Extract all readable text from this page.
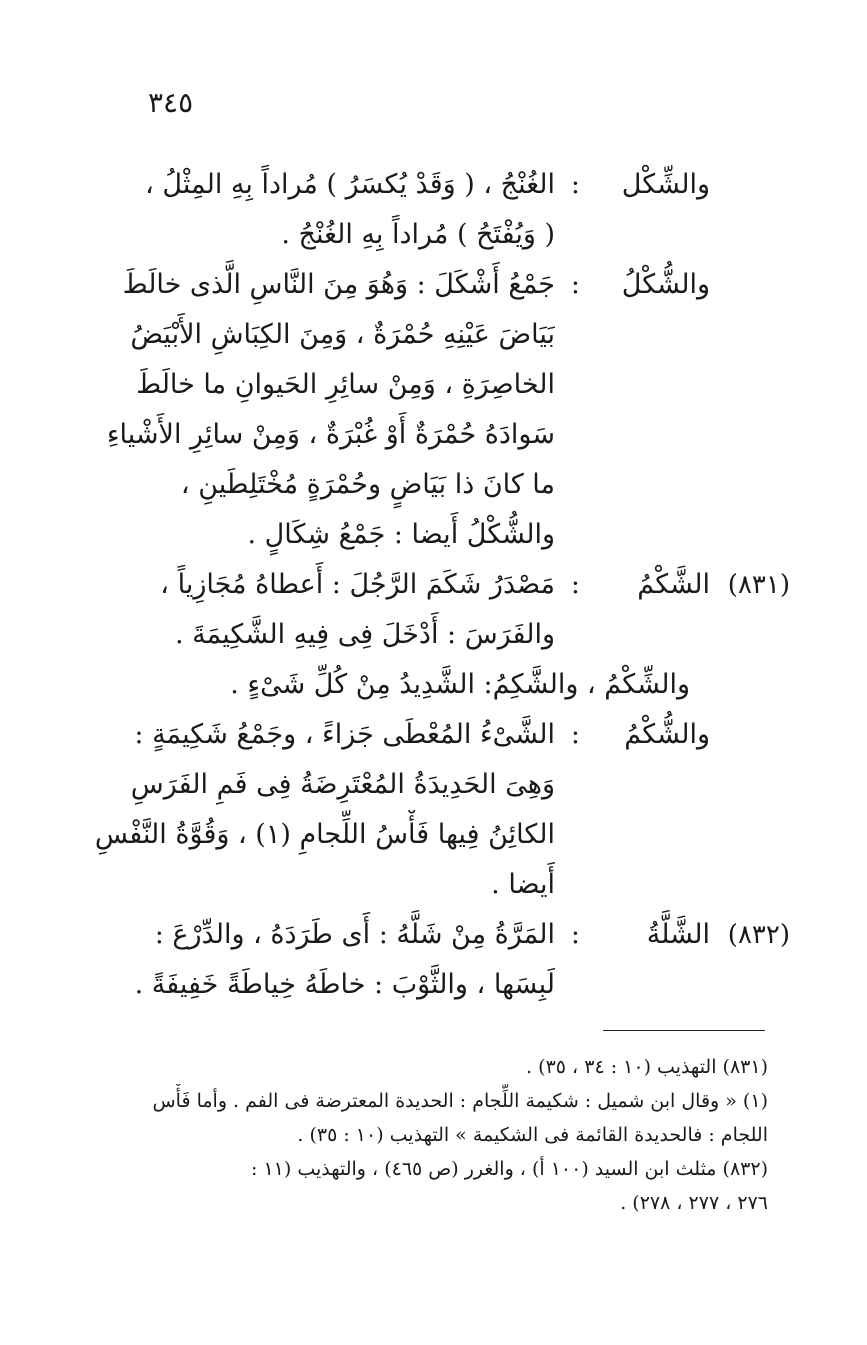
٣٤٥
والشِّكْل
:
الغُنْجُ ، ( وَقَدْ يُكسَرُ ) مُراداً بِهِ المِثْلُ ،
( وَيُفْتَحُ ) مُراداً بِهِ الغُنْجُ .
والشُّكْلُ
:
جَمْعُ أَشْكَلَ : وَهُوَ مِنَ النَّاسِ الَّذى خالَطَ
بَيَاضَ عَيْنِهِ حُمْرَةٌ ، وَمِنَ الكِبَاشِ الأَبْيَضُ
الخاصِرَةِ ، وَمِنْ سائِرِ الحَيوانِ ما خالَطَ
سَوادَهُ حُمْرَةٌ أَوْ غُبْرَةٌ ، وَمِنْ سائِرِ الأَشْياءِ
ما كانَ ذا بَيَاضٍ وحُمْرَةٍ مُخْتَلِطَينِ ،
والشُّكْلُ أَيضا : جَمْعُ شِكَالٍ .
(٨٣١)
الشَّكْمُ
:
مَصْدَرُ شَكَمَ الرَّجُلَ : أَعطاهُ مُجَازِياً ،
والفَرَسَ : أَدْخَلَ فِى فِيهِ الشَّكِيمَةَ .
والشِّكْمُ ، والشَّكِمُ: الشَّدِيدُ مِنْ كُلِّ شَىْءٍ .
والشُّكْمُ
:
الشَّىْءُ المُعْطَى جَزاءً ، وجَمْعُ شَكِيمَةٍ :
وَهِىَ الحَدِيدَةُ المُعْتَرِضَةُ فِى فَمِ الفَرَسِ
الكائِنُ فِيها فَأْسُ اللِّجامِ (١) ، وَقُوَّةُ النَّفْسِ
أَيضا .
(٨٣٢)
الشَّلَّةُ
:
المَرَّةُ مِنْ شَلَّهُ : أَى طَرَدَهُ ، والدِّرْعَ :
لَبِسَها ، والثَّوْبَ : خاطَهُ خِياطَةً خَفِيفَةً .
(٨٣١) التهذيب (١٠ : ٣٤ ، ٣٥) .
(١) « وقال ابن شميل : شكيمة اللِّجام : الحديدة المعترضة فى الفم . وأما فَأْس
اللجام : فالحديدة القائمة فى الشكيمة » التهذيب (١٠ : ٣٥) .
(٨٣٢) مثلث ابن السيد (١٠٠ أ) ، والغرر (ص ٤٦٥) ، والتهذيب (١١ :
٢٧٦ ، ٢٧٧ ، ٢٧٨) .
